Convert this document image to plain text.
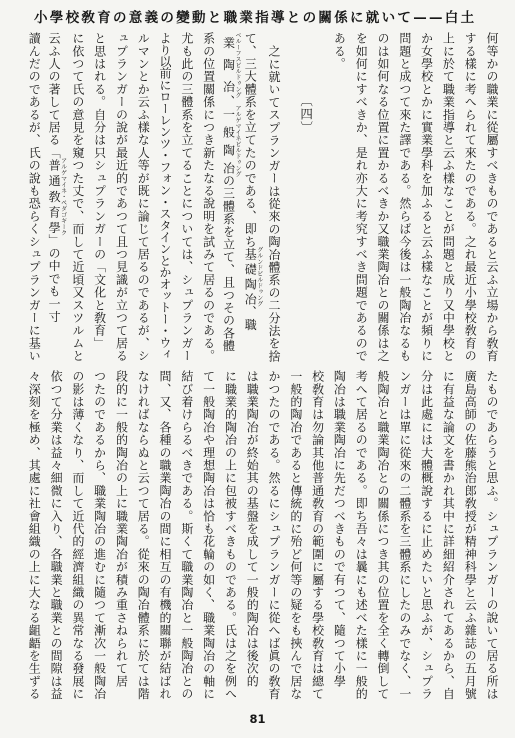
小學校敎育の意義の變動と職業指導との關係に就いて——白土
何等かの職業に從屬すべきものであると云ふ立場から敎育
する樣に考へられて來たのである。之れ最近小學校敎育の
上に於て職業指導と云ふ樣なことが問題と成り又中學校と
か女學校とかに實業學科を加ふると云ふ樣なことが頻りに
問題と成つて來た譯である。然らば今後は一般陶冶なるも
のは如何なる位置に置かるべきか又職業陶冶との關係は之
を如何にすべきか、是れ亦大に考究すべき問題であるので
ある。
〔四〕
之に就いてスプランガーは從來の陶冶體系の二分法を捨
て、三大體系を立てたのである、即ち基礎陶冶グルンドビルドゥング、職
業陶冶ベルーフスビルドゥング、一般陶冶アルゲマイネビルドゥングの三體系を立て、且つその各體
系の位置關係につき新たなる說明を試みて居るのである。
尤も此の三體系を立てることについては、シュプランガー
より以前にローレンツ・フォン・スタインとかオットー・ウィ
ルマンとか云ふ樣な人等が既に論じて居るのであるが、シ
ュプランガーの說が最近的であつて且つ見識が立つて居る
と思はれる。自分は只シュプランガーの「文化と敎育」
に依つて氏の意見を窺つた丈で、而して近頃又スツルムと
云ふ人の著して居る「普通敎育學アルゲマイネ・ペダゴギーク」の中でも一寸
讀んだのであるが、氏の說も恐らくシュプランガーに基い
たものであらうと思ふ。シュプランガーの說いて居る所は
廣島高師の佐藤熊治郎敎授が精神科學と云ふ雜誌の五月號
に有益な論文を書かれ其中に詳細紹介されてあるから、自
分は此處には大體概說するに止めたいと思ふが、シュプラ
ンガーは單に從來の二體系を三體系にしたのみでなく、一
般陶冶と職業陶冶との關係につき其の位置を全く轉倒して
考へて居るのである。即ち吾々は曩にも述べた樣に一般的
陶冶は職業陶冶に先だつべきもので有つて、隨つて小學
校敎育は勿論其他普通敎育の範圍に屬する學校敎育は總て
一般的陶冶であると傳統的に殆ど何等の疑をも挾んで居な
かつたのである。然るにシュプランガーに從へば眞の敎育
は職業陶冶が終始其の基盤を成して一般的陶冶は後次的
に職業的陶冶の上に包被すべきものである。氏は之を例へ
て一般陶冶や理想陶冶は恰も花輪の如く、職業陶冶の軸に
結び着けらるべきである。斯くて職業陶冶と一般陶冶との
間、又、各種の職業陶冶の間に相互の有機的關聯が結ばれ
なければならぬと云つて居る。從來の陶冶體系に於ては階
段的に一般的陶冶の上に職業陶冶が積み重さねられて居
つたのであるから、職業陶冶の進むに隨つて漸次一般陶冶
の影は薄くなり、而して近代的經濟組織の異常なる發展に
依つて分業は益々細微に入り、各職業と職業との間隙は益
々深刻を極め、其處に社會組織の上に大なる齟齬を生ずる
81
